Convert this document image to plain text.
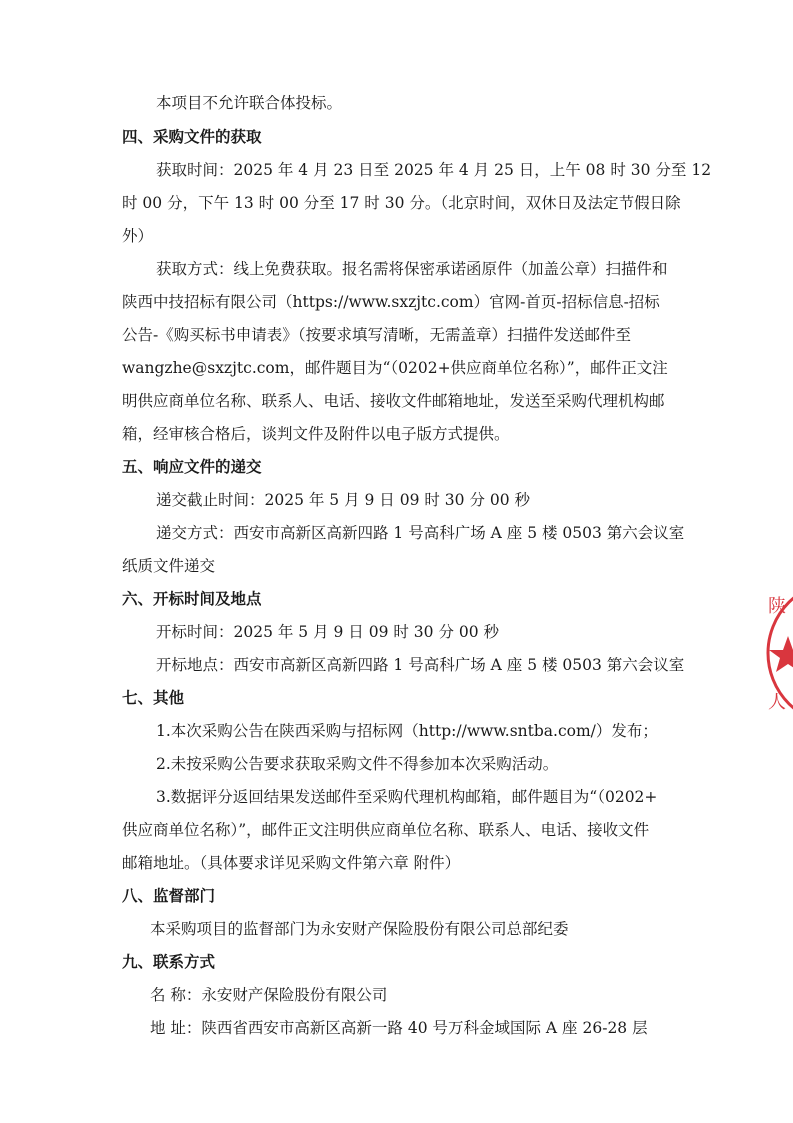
本项目不允许联合体投标。
四、采购文件的获取
获取时间：2025 年 4 月 23 日至 2025 年 4 月 25 日，上午 08 时 30 分至 12
时 00 分，下午 13 时 00 分至 17 时 30 分。（北京时间，双休日及法定节假日除
外）
获取方式：线上免费获取。报名需将保密承诺函原件（加盖公章）扫描件和
陕西中技招标有限公司（https://www.sxzjtc.com）官网-首页-招标信息-招标
公告-《购买标书申请表》（按要求填写清晰，无需盖章）扫描件发送邮件至
wangzhe@sxzjtc.com，邮件题目为“（0202+供应商单位名称）”，邮件正文注
明供应商单位名称、联系人、电话、接收文件邮箱地址，发送至采购代理机构邮
箱，经审核合格后，谈判文件及附件以电子版方式提供。
五、响应文件的递交
递交截止时间：2025 年 5 月 9 日 09 时 30 分 00 秒
递交方式：西安市高新区高新四路 1 号高科广场 A 座 5 楼 0503 第六会议室
纸质文件递交
六、开标时间及地点
开标时间：2025 年 5 月 9 日 09 时 30 分 00 秒
开标地点：西安市高新区高新四路 1 号高科广场 A 座 5 楼 0503 第六会议室
七、其他
1.本次采购公告在陕西采购与招标网（http://www.sntba.com/）发布；
2.未按采购公告要求获取采购文件不得参加本次采购活动。
3.数据评分返回结果发送邮件至采购代理机构邮箱，邮件题目为“（0202+
供应商单位名称）”，邮件正文注明供应商单位名称、联系人、电话、接收文件
邮箱地址。（具体要求详见采购文件第六章 附件）
八、监督部门
本采购项目的监督部门为永安财产保险股份有限公司总部纪委
九、联系方式
名 称：永安财产保险股份有限公司
地 址：陕西省西安市高新区高新一路 40 号万科金域国际 A 座 26-28 层
陕
人
